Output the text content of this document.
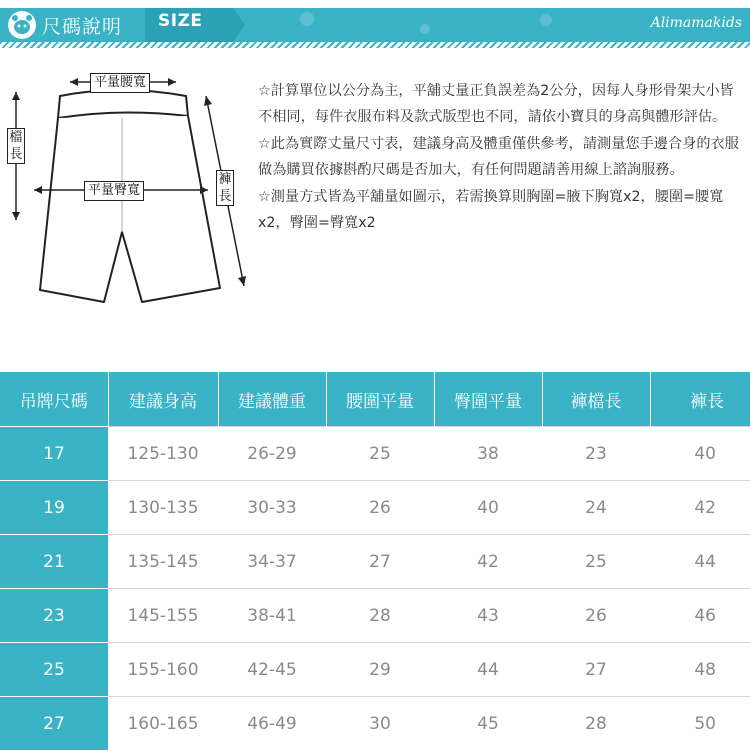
尺碼說明 SIZE	Alimamakids
平量腰寬
平量臀寬
檔長
褲長

☆計算單位以公分為主，平舖丈量正負誤差為2公分，因每人身形骨架大小皆不相同，每件衣服布料及款式版型也不同，請依小寶貝的身高與體形評估。

☆此為實際丈量尺寸表，建議身高及體重僅供參考，請測量您手邊合身的衣服做為購買依據斟酌尺碼是否加大，有任何問題請善用線上諮詢服務。

☆測量方式皆為平舖量如圖示，若需換算則胸圍=腋下胸寬x2，腰圍=腰寬x2，臀圍=臀寬x2

吊牌尺碼	建議身高	建議體重	腰圍平量	臀圍平量	褲檔長	褲長
17	125-130	26-29	25	38	23	40
19	130-135	30-33	26	40	24	42
21	135-145	34-37	27	42	25	44
23	145-155	38-41	28	43	26	46
25	155-160	42-45	29	44	27	48
27	160-165	46-49	30	45	28	50
